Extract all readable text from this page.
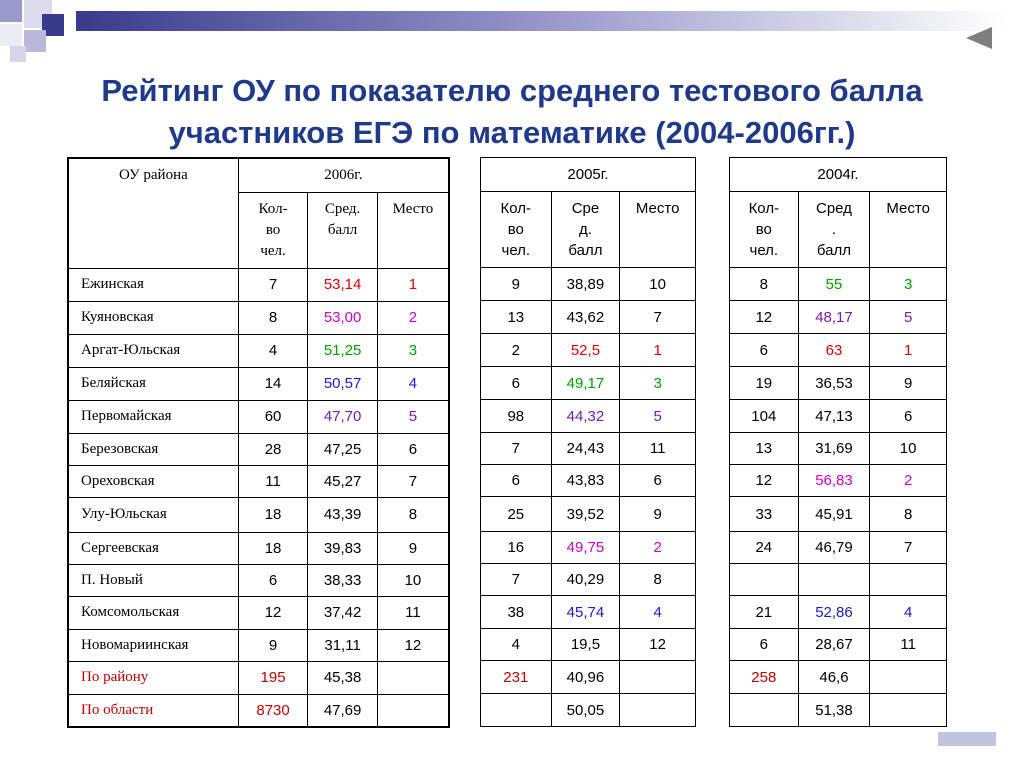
Рейтинг ОУ по показателю среднего тестового балла
участников ЕГЭ по математике (2004-2006гг.)
ОУ района	2006г.		
	Кол-
во
чел.	Сред.
балл	Место
Ежинская	7	53,14	1
Куяновская	8	53,00	2
Аргат-Юльская	4	51,25	3
Беляйская	14	50,57	4
Первомайская	60	47,70	5
Березовская	28	47,25	6
Ореховская	11	45,27	7
Улу-Юльская	18	43,39	8
Сергеевская	18	39,83	9
П. Новый	6	38,33	10
Комсомольская	12	37,42	11
Новомариинская	9	31,11	12
По району	195	45,38	
По области	8730	47,69	
2005г.		
Кол-
во
чел.	Сре
д.
балл	Место
9	38,89	10
13	43,62	7
2	52,5	1
6	49,17	3
98	44,32	5
7	24,43	11
6	43,83	6
25	39,52	9
16	49,75	2
7	40,29	8
38	45,74	4
4	19,5	12
231	40,96	
	50,05	
2004г.		
Кол-
во
чел.	Сред
.
балл	Место
8	55	3
12	48,17	5
6	63	1
19	36,53	9
104	47,13	6
13	31,69	10
12	56,83	2
33	45,91	8
24	46,79	7

21	52,86	4
6	28,67	11
258	46,6	
	51,38	
